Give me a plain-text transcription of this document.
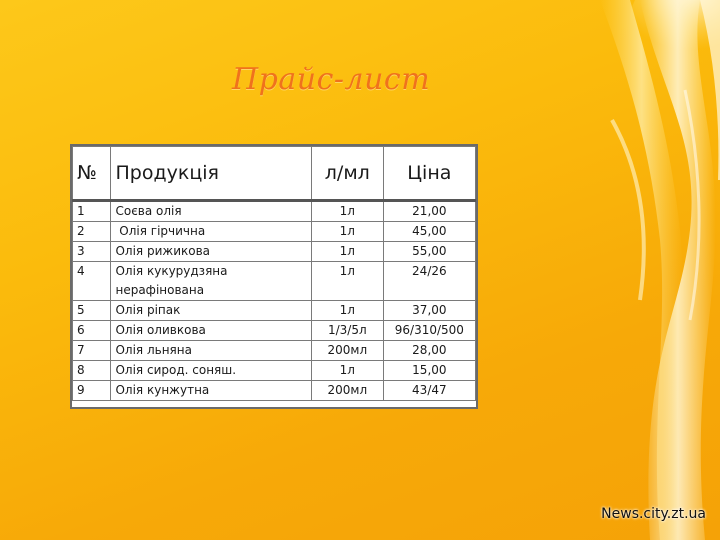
Прайс-лист
№	Продукція	л/мл	Ціна
1	Соєва олія	1л	21,00
2	Олія гірчична	1л	45,00
3	Олія рижикова	1л	55,00
4	Олія кукурудзяна нерафінована	1л	24/26
5	Олія ріпак	1л	37,00
6	Олія оливкова	1/3/5л	96/310/500
7	Олія льняна	200мл	28,00
8	Олія сирод. соняш.	1л	15,00
9	Олія кунжутна	200мл	43/47
News.city.zt.ua
